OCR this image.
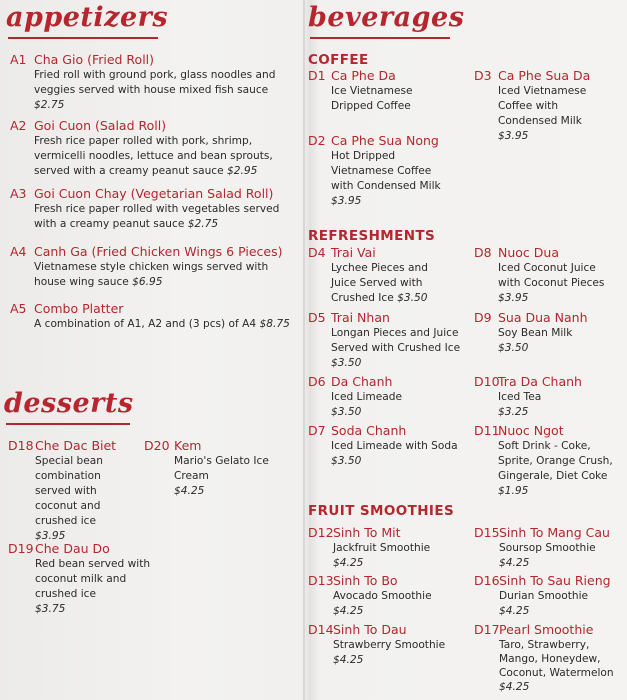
appetizers
A1 Cha Gio (Fried Roll)
Fried roll with ground pork, glass noodles and veggies served with house mixed fish sauce $2.75
A2 Goi Cuon (Salad Roll)
Fresh rice paper rolled with pork, shrimp, vermicelli noodles, lettuce and bean sprouts, served with a creamy peanut sauce $2.95
A3 Goi Cuon Chay (Vegetarian Salad Roll)
Fresh rice paper rolled with vegetables served with a creamy peanut sauce $2.75
A4 Canh Ga (Fried Chicken Wings 6 Pieces)
Vietnamese style chicken wings served with house wing sauce $6.95
A5 Combo Platter
A combination of A1, A2 and (3 pcs) of A4 $8.75
desserts
D18Che Dac Biet
Special bean combination served with coconut and crushed ice
$3.95
D20 Kem
Mario's Gelato Ice Cream
$4.25
D19Che Dau Do
Red bean served with coconut milk and crushed ice
$3.75
beverages
COFFEE
D1 Ca Phe Da
Ice Vietnamese Dripped Coffee
D3 Ca Phe Sua Da
Iced Vietnamese Coffee with Condensed Milk
$3.95
D2 Ca Phe Sua Nong
Hot Dripped Vietnamese Coffee with Condensed Milk
$3.95
REFRESHMENTS
D4 Trai Vai
Lychee Pieces and Juice Served with Crushed Ice $3.50
D8 Nuoc Dua
Iced Coconut Juice with Coconut Pieces
$3.95
D5 Trai Nhan
Longan Pieces and Juice Served with Crushed Ice
$3.50
D9 Sua Dua Nanh
Soy Bean Milk
$3.50
D6 Da Chanh
Iced Limeade
$3.50
D10Tra Da Chanh
Iced Tea
$3.25
D7 Soda Chanh
Iced Limeade with Soda
$3.50
D11Nuoc Ngot
Soft Drink - Coke, Sprite, Orange Crush, Gingerale, Diet Coke
$1.95
FRUIT SMOOTHIES
D12Sinh To Mit
Jackfruit Smoothie
$4.25
D15Sinh To Mang Cau
Soursop Smoothie
$4.25
D13Sinh To Bo
Avocado Smoothie
$4.25
D16Sinh To Sau Rieng
Durian Smoothie
$4.25
D14Sinh To Dau
Strawberry Smoothie
$4.25
D17Pearl Smoothie
Taro, Strawberry, Mango, Honeydew, Coconut, Watermelon
$4.25
